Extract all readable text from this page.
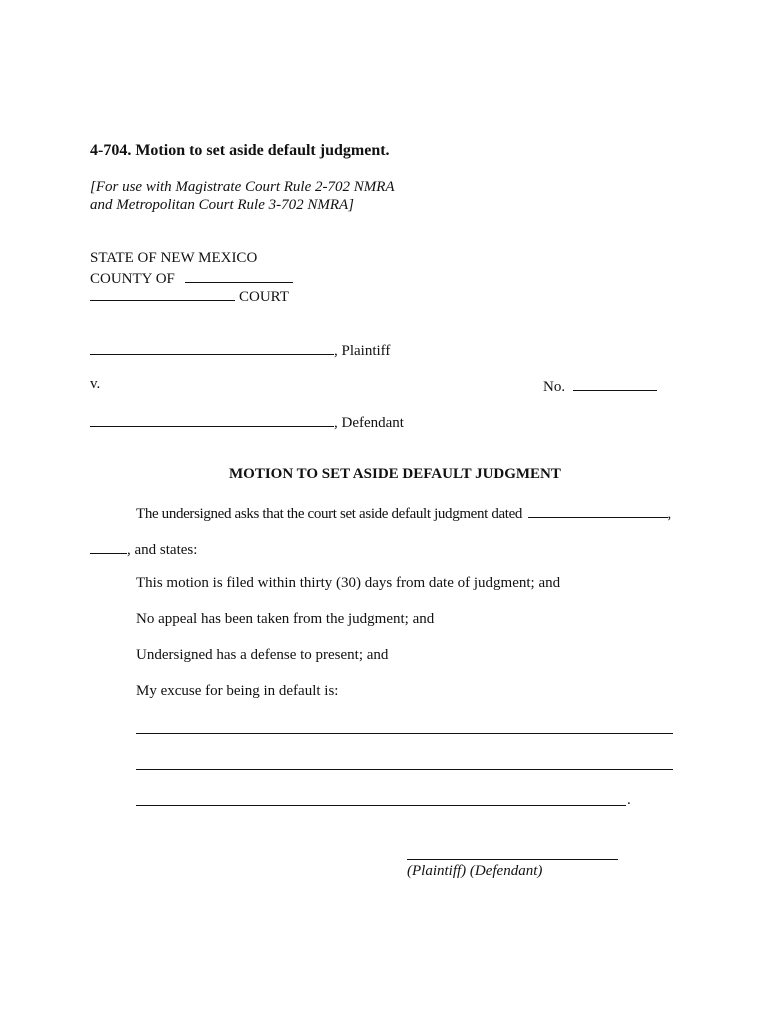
4-704. Motion to set aside default judgment.
[For use with Magistrate Court Rule 2-702 NMRA
and Metropolitan Court Rule 3-702 NMRA]
STATE OF NEW MEXICO
COUNTY OF
COURT
, Plaintiff
v.	No.
, Defendant
MOTION TO SET ASIDE DEFAULT JUDGMENT
The undersigned asks that the court set aside default judgment dated	,
, and states:
This motion is filed within thirty (30) days from date of judgment; and
No appeal has been taken from the judgment; and
Undersigned has a defense to present; and
My excuse for being in default is:
.
(Plaintiff) (Defendant)
